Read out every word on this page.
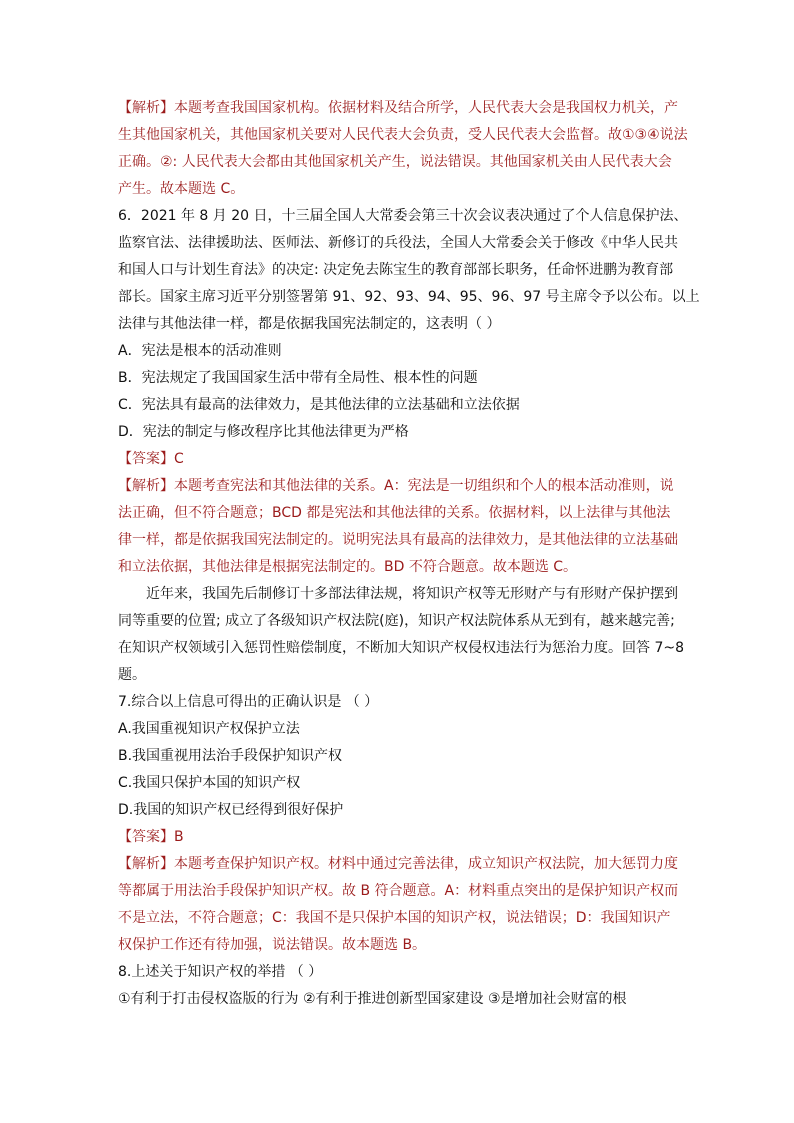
【解析】本题考查我国国家机构。依据材料及结合所学，人民代表大会是我国权力机关，产
生其他国家机关，其他国家机关要对人民代表大会负责，受人民代表大会监督。故①③④说法
正确。②: 人民代表大会都由其他国家机关产生，说法错误。其他国家机关由人民代表大会
产生。故本题选 C。
6．2021 年 8 月 20 日，十三届全国人大常委会第三十次会议表决通过了个人信息保护法、
监察官法、法律援助法、医师法、新修订的兵役法，全国人大常委会关于修改《中华人民共
和国人口与计划生育法》的决定: 决定免去陈宝生的教育部部长职务，任命怀进鹏为教育部
部长。国家主席习近平分别签署第 91、92、93、94、95、96、97 号主席令予以公布。以上
法律与其他法律一样，都是依据我国宪法制定的，这表明（ ）
A．宪法是根本的活动准则
B．宪法规定了我国国家生活中带有全局性、根本性的问题
C．宪法具有最高的法律效力，是其他法律的立法基础和立法依据
D．宪法的制定与修改程序比其他法律更为严格
【答案】C
【解析】本题考查宪法和其他法律的关系。A：宪法是一切组织和个人的根本活动准则，说
法正确，但不符合题意；BCD 都是宪法和其他法律的关系。依据材料，以上法律与其他法
律一样，都是依据我国宪法制定的。说明宪法具有最高的法律效力，是其他法律的立法基础
和立法依据，其他法律是根据宪法制定的。BD 不符合题意。故本题选 C。
近年来，我国先后制修订十多部法律法规，将知识产权等无形财产与有形财产保护摆到
同等重要的位置; 成立了各级知识产权法院(庭)，知识产权法院体系从无到有，越来越完善;
在知识产权领域引入惩罚性赔偿制度，不断加大知识产权侵权违法行为惩治力度。回答 7~8
题。
7.综合以上信息可得出的正确认识是 （ ）
A.我国重视知识产权保护立法
B.我国重视用法治手段保护知识产权
C.我国只保护本国的知识产权
D.我国的知识产权已经得到很好保护
【答案】B
【解析】本题考查保护知识产权。材料中通过完善法律，成立知识产权法院，加大惩罚力度
等都属于用法治手段保护知识产权。故 B 符合题意。A：材料重点突出的是保护知识产权而
不是立法，不符合题意；C：我国不是只保护本国的知识产权，说法错误；D：我国知识产
权保护工作还有待加强，说法错误。故本题选 B。
8.上述关于知识产权的举措 （ ）
①有利于打击侵权盗版的行为 ②有利于推进创新型国家建设 ③是增加社会财富的根
